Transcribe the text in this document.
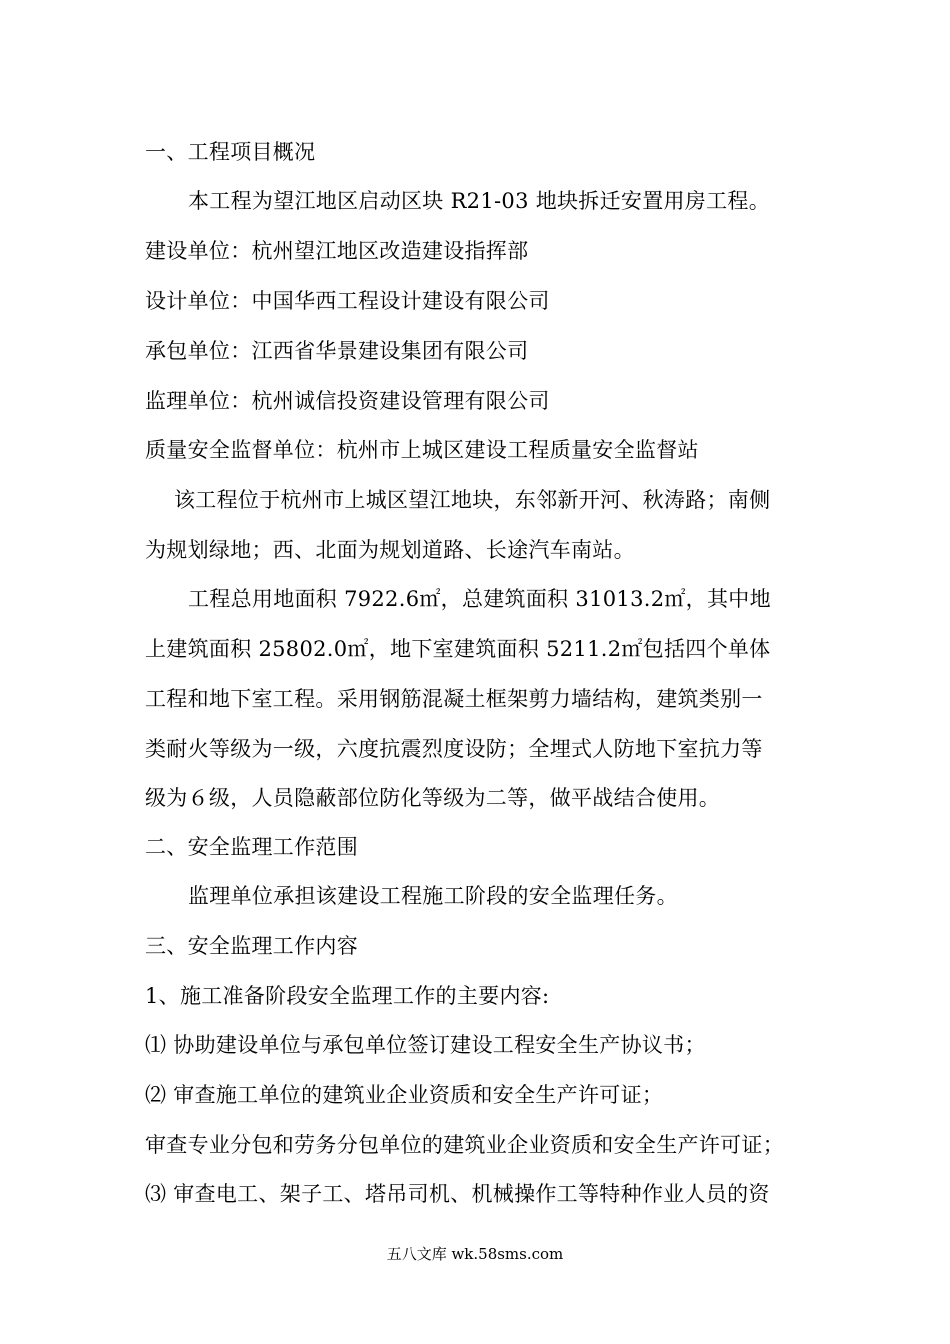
一、工程项目概况
本工程为望江地区启动区块 R21-03 地块拆迁安置用房工程。
建设单位：杭州望江地区改造建设指挥部
设计单位：中国华西工程设计建设有限公司
承包单位：江西省华景建设集团有限公司
监理单位：杭州诚信投资建设管理有限公司
质量安全监督单位：杭州市上城区建设工程质量安全监督站
该工程位于杭州市上城区望江地块，东邻新开河、秋涛路；南侧
为规划绿地；西、北面为规划道路、长途汽车南站。
工程总用地面积 7922.6㎡，总建筑面积 31013.2㎡，其中地
上建筑面积 25802.0㎡，地下室建筑面积 5211.2㎡包括四个单体
工程和地下室工程。采用钢筋混凝土框架剪力墙结构，建筑类别一
类耐火等级为一级，六度抗震烈度设防；全埋式人防地下室抗力等
级为６级，人员隐蔽部位防化等级为二等，做平战结合使用。
二、安全监理工作范围
监理单位承担该建设工程施工阶段的安全监理任务。
三、安全监理工作内容
1、施工准备阶段安全监理工作的主要内容:
⑴ 协助建设单位与承包单位签订建设工程安全生产协议书；
⑵ 审查施工单位的建筑业企业资质和安全生产许可证；
审查专业分包和劳务分包单位的建筑业企业资质和安全生产许可证；
⑶ 审查电工、架子工、塔吊司机、机械操作工等特种作业人员的资
五八文库 wk.58sms.com
